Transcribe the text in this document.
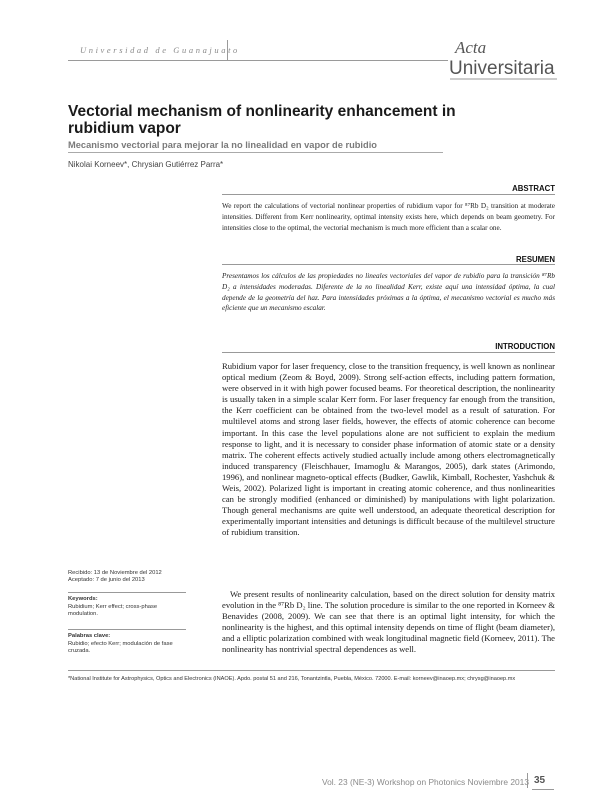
Universidad de Guanajuato	Acta
Universitaria
Vectorial mechanism of nonlinearity enhancement in rubidium vapor
Mecanismo vectorial para mejorar la no linealidad en vapor de rubidio
Nikolai Korneev*, Chrysian Gutiérrez Parra*
ABSTRACT
We report the calculations of vectorial nonlinear properties of rubidium vapor for ⁸⁷Rb D₂ transition at moderate intensities. Different from Kerr nonlinearity, optimal intensity exists here, which depends on beam geometry. For intensities close to the optimal, the vectorial mechanism is much more efficient than a scalar one.
RESUMEN
Presentamos los cálculos de las propiedades no lineales vectoriales del vapor de rubidio para la transición ⁸⁷Rb D₂ a intensidades moderadas. Diferente de la no linealidad Kerr, existe aquí una intensidad óptima, la cual depende de la geometría del haz. Para intensidades próximas a la óptima, el mecanismo vectorial es mucho más eficiente que un mecanismo escalar.
INTRODUCTION
Rubidium vapor for laser frequency, close to the transition frequency, is well known as nonlinear optical medium (Zeom & Boyd, 2009). Strong self-action effects, including pattern formation, were observed in it with high power focused beams. For theoretical description, the nonlinearity is usually taken in a simple scalar Kerr form. For laser frequency far enough from the transition, the Kerr coefficient can be obtained from the two-level model as a result of saturation. For multilevel atoms and strong laser fields, however, the effects of atomic coherence can become important. In this case the level populations alone are not sufficient to explain the medium response to light, and it is necessary to consider phase information of atomic state or a density matrix. The coherent effects actively studied actually include among others electromagnetically induced transparency (Fleischhauer, Imamoglu & Marangos, 2005), dark states (Arimondo, 1996), and nonlinear magneto-optical effects (Budker, Gawlik, Kimball, Rochester, Yashchuk & Weis, 2002). Polarized light is important in creating atomic coherence, and thus nonlinearities can be strongly modified (enhanced or diminished) by manipulations with light polarization. Though general mechanisms are quite well understood, an adequate theoretical description for experimentally important intensities and detunings is difficult because of the multilevel structure of rubidium transition.
We present results of nonlinearity calculation, based on the direct solution for density matrix evolution in the ⁸⁷Rb D₂ line. The solution procedure is similar to the one reported in Korneev & Benavides (2008, 2009). We can see that there is an optimal light intensity, for which the nonlinearity is the highest, and this optimal intensity depends on time of flight (beam diameter), and a elliptic polarization combined with weak longitudinal magnetic field (Korneev, 2011). The nonlinearity has nontrivial spectral dependences as well.
Recibido: 13 de Noviembre del 2012
Aceptado: 7 de junio del 2013
Keywords:
Rubidium; Kerr effect; cross-phase modulation.
Palabras clave:
Rubidio; efecto Kerr; modulación de fase cruzada.
*National Institute for Astrophysics, Optics and Electronics (INAOE). Apdo. postal 51 and 216, Tonantzintla, Puebla, México. 72000. E-mail: korneev@inaoep.mx; chrysg@inaoep.mx
Vol. 23 (NE-3) Workshop on Photonics Noviembre 2013 35
